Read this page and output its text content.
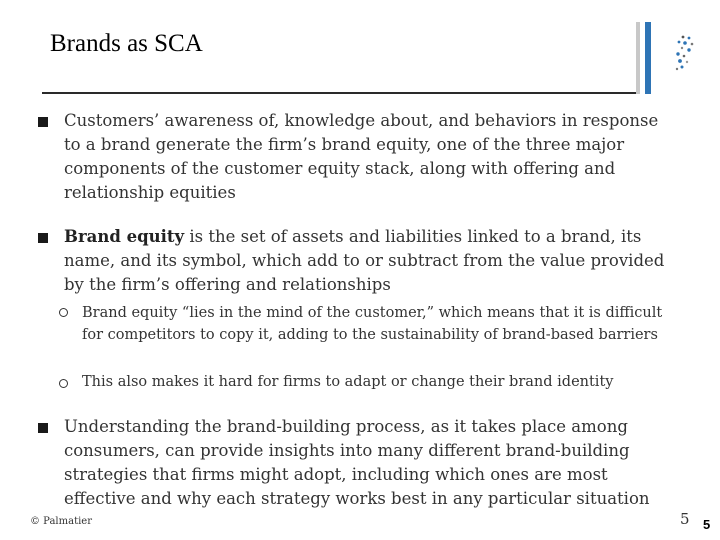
Brands as SCA
Customers’ awareness of, knowledge about, and behaviors in response to a brand generate the firm’s brand equity, one of the three major components of the customer equity stack, along with offering and relationship equities
Brand equity is the set of assets and liabilities linked to a brand, its name, and its symbol, which add to or subtract from the value provided by the firm’s offering and relationships
Brand equity “lies in the mind of the customer,” which means that it is difficult for competitors to copy it, adding to the sustainability of brand-based barriers
This also makes it hard for firms to adapt or change their brand identity
Understanding the brand-building process, as it takes place among consumers, can provide insights into many different brand-building strategies that firms might adopt, including which ones are most effective and why each strategy works best in any particular situation
© Palmatier	5 5
